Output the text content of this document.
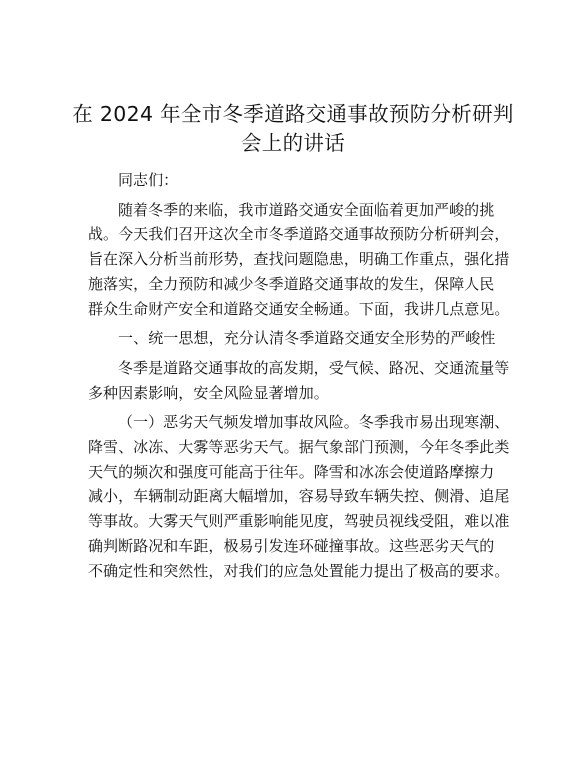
在 2024 年全市冬季道路交通事故预防分析研判
会上的讲话

同志们：

随着冬季的来临，我市道路交通安全面临着更加严峻的挑
战。今天我们召开这次全市冬季道路交通事故预防分析研判会，
旨在深入分析当前形势，查找问题隐患，明确工作重点，强化措
施落实，全力预防和减少冬季道路交通事故的发生，保障人民
群众生命财产安全和道路交通安全畅通。下面，我讲几点意见。

一、统一思想，充分认清冬季道路交通安全形势的严峻性

冬季是道路交通事故的高发期，受气候、路况、交通流量等
多种因素影响，安全风险显著增加。

（一）恶劣天气频发增加事故风险。冬季我市易出现寒潮、
降雪、冰冻、大雾等恶劣天气。据气象部门预测，今年冬季此类
天气的频次和强度可能高于往年。降雪和冰冻会使道路摩擦力
减小，车辆制动距离大幅增加，容易导致车辆失控、侧滑、追尾
等事故。大雾天气则严重影响能见度，驾驶员视线受阻，难以准
确判断路况和车距，极易引发连环碰撞事故。这些恶劣天气的
不确定性和突然性，对我们的应急处置能力提出了极高的要求。
